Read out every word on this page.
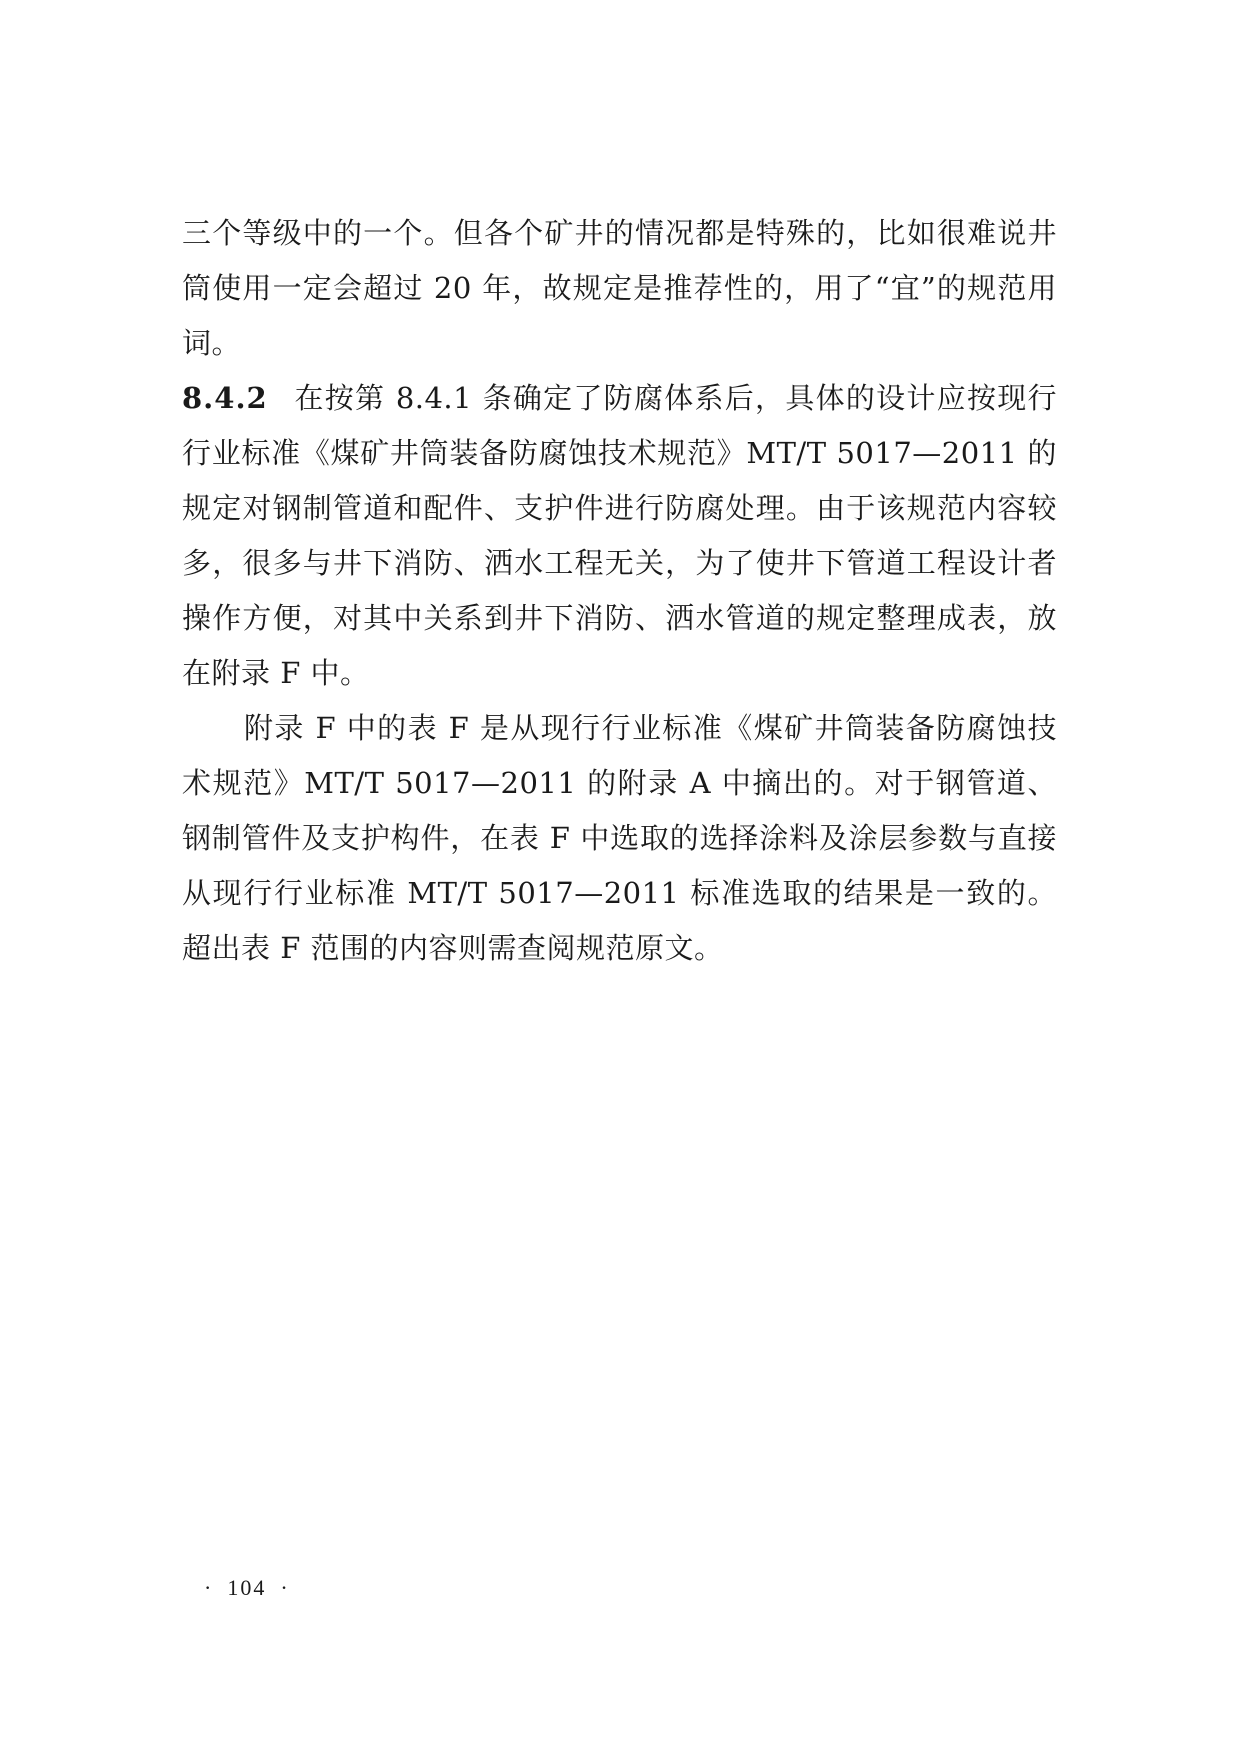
三个等级中的一个。但各个矿井的情况都是特殊的，比如很难说井筒使用一定会超过 20 年，故规定是推荐性的，用了“宜”的规范用词。

8.4.2 在按第 8.4.1 条确定了防腐体系后，具体的设计应按现行行业标准《煤矿井筒装备防腐蚀技术规范》MT/T 5017—2011 的规定对钢制管道和配件、支护件进行防腐处理。由于该规范内容较多，很多与井下消防、洒水工程无关，为了使井下管道工程设计者操作方便，对其中关系到井下消防、洒水管道的规定整理成表，放在附录 F 中。

附录 F 中的表 F 是从现行行业标准《煤矿井筒装备防腐蚀技术规范》MT/T 5017—2011 的附录 A 中摘出的。对于钢管道、钢制管件及支护构件，在表 F 中选取的选择涂料及涂层参数与直接从现行行业标准 MT/T 5017—2011 标准选取的结果是一致的。超出表 F 范围的内容则需查阅规范原文。

· 104 ·
